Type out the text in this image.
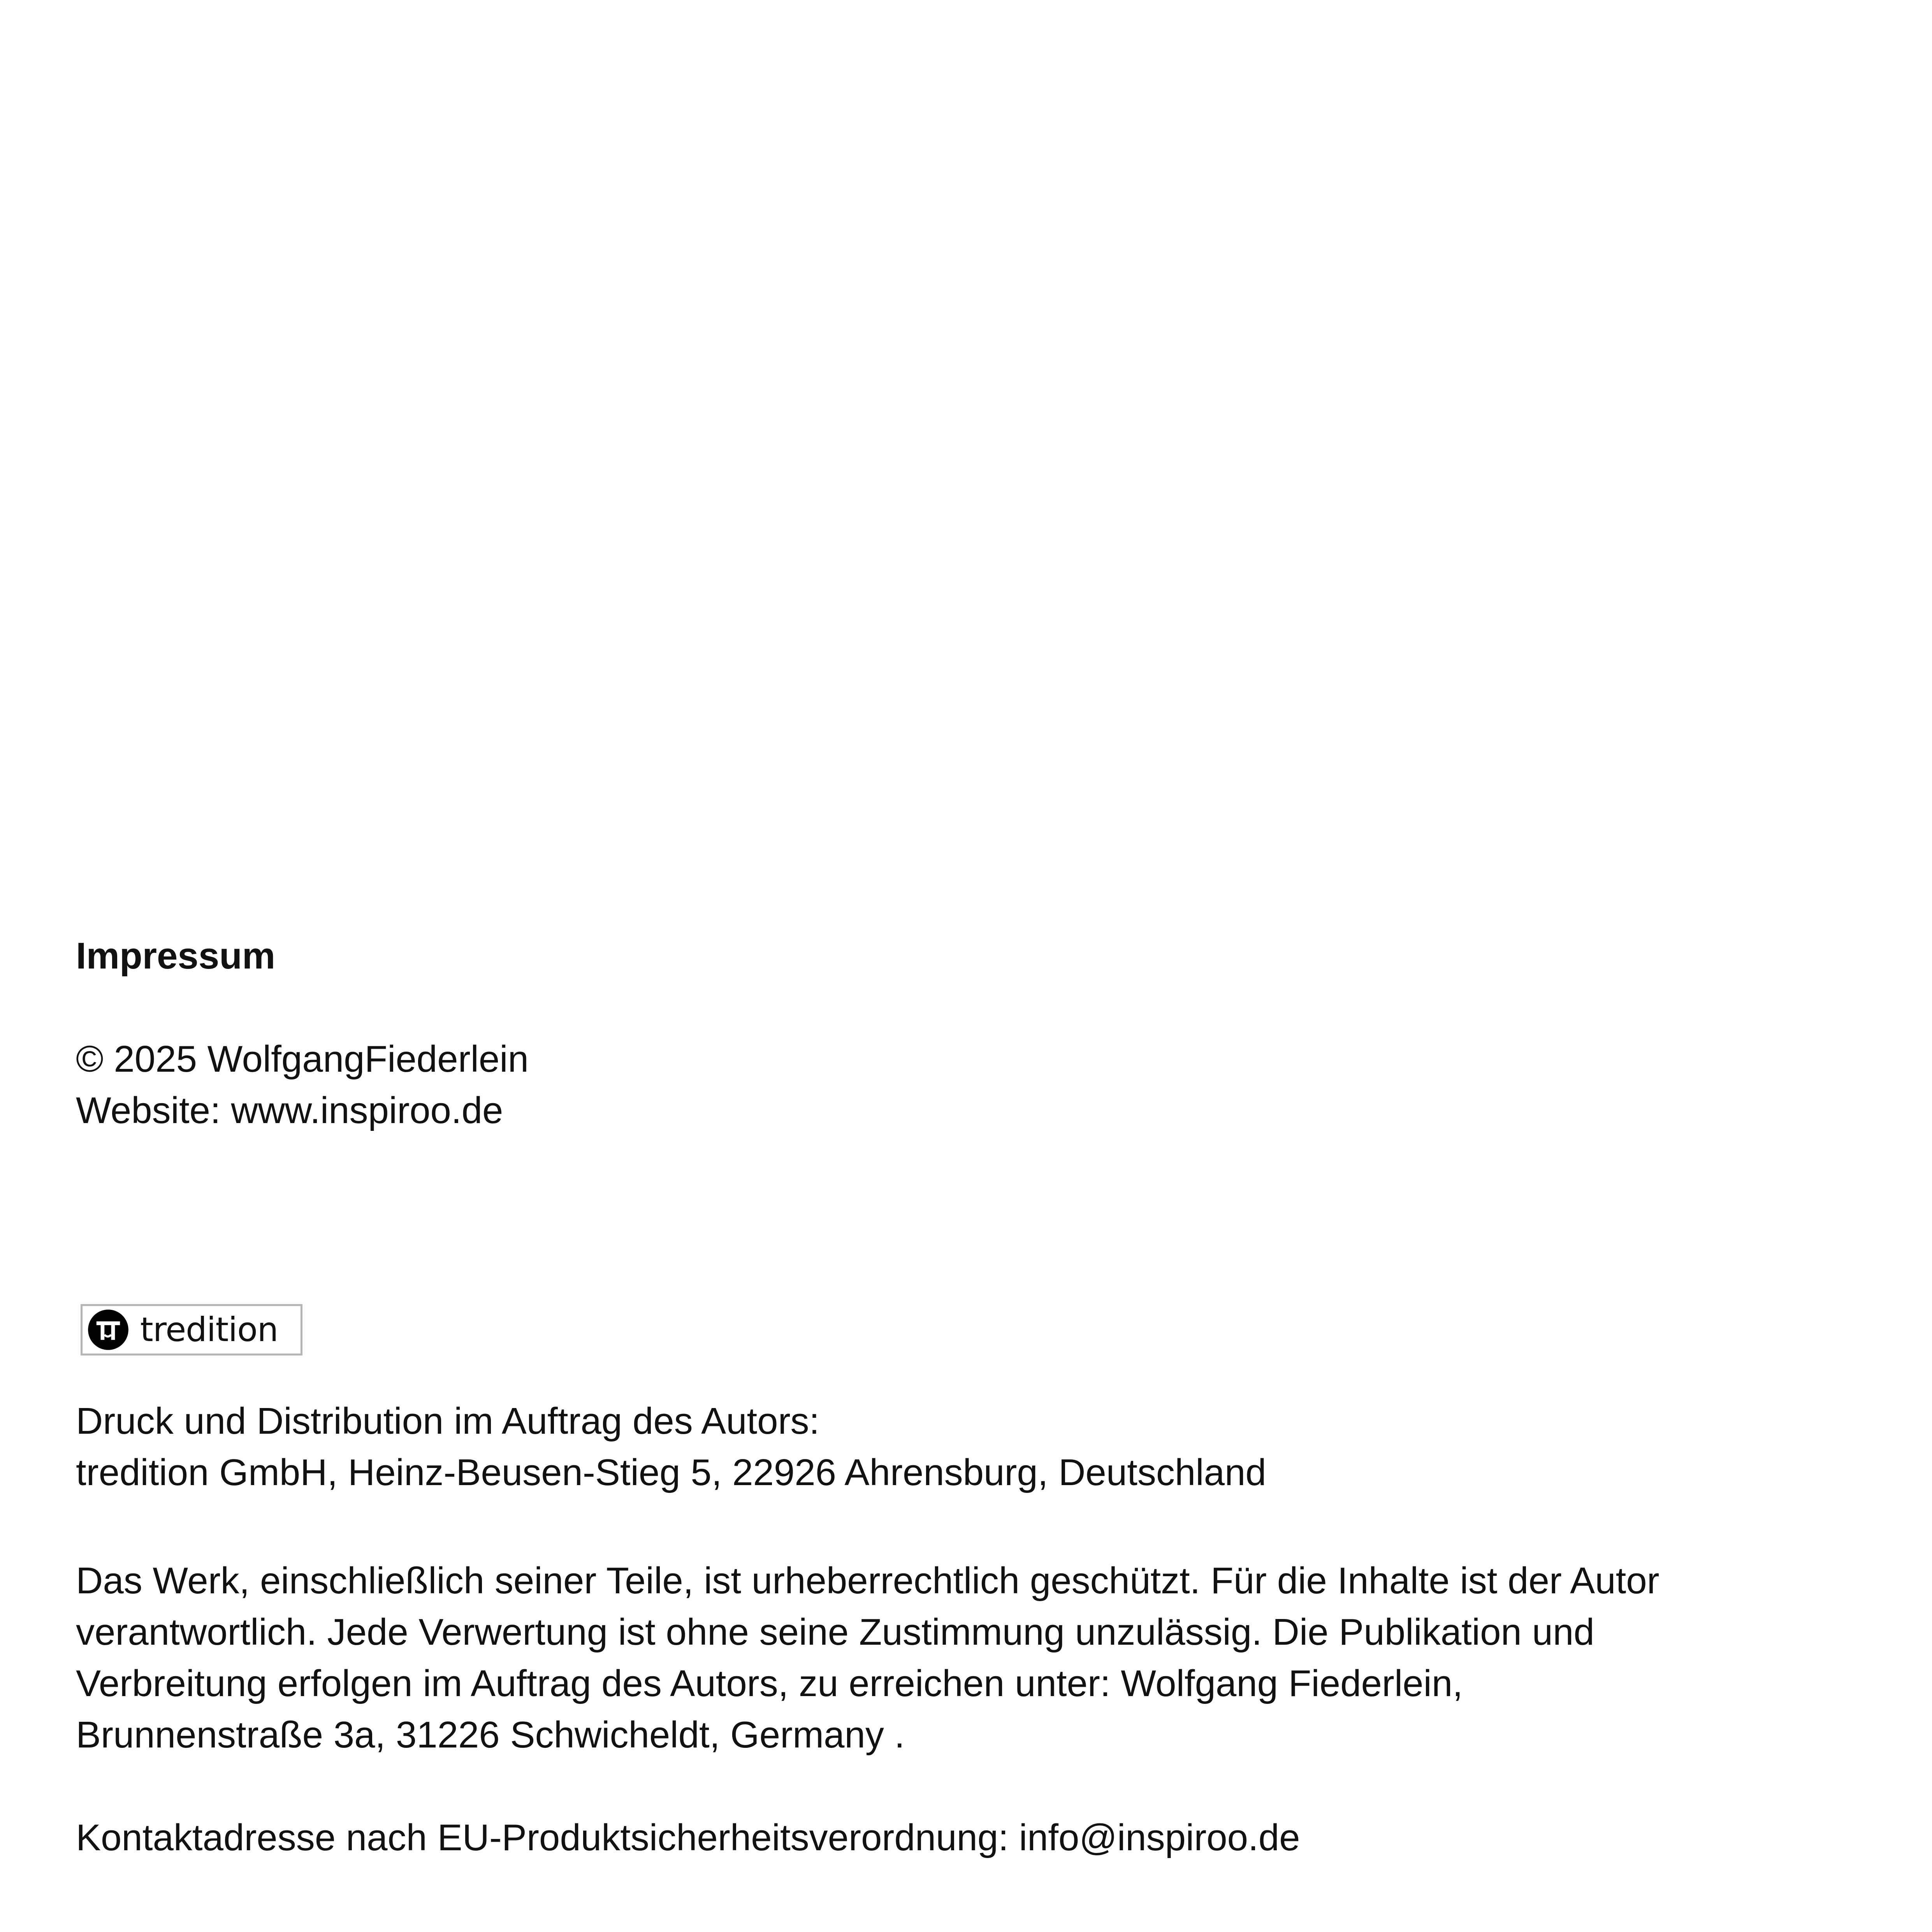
Impressum

© 2025 WolfgangFiederlein
Website: www.inspiroo.de

tredition

Druck und Distribution im Auftrag des Autors:
tredition GmbH, Heinz-Beusen-Stieg 5, 22926 Ahrensburg, Deutschland

Das Werk, einschließlich seiner Teile, ist urheberrechtlich geschützt. Für die Inhalte ist der Autor
verantwortlich. Jede Verwertung ist ohne seine Zustimmung unzulässig. Die Publikation und
Verbreitung erfolgen im Auftrag des Autors, zu erreichen unter: Wolfgang Fiederlein,
Brunnenstraße 3a, 31226 Schwicheldt, Germany .

Kontaktadresse nach EU-Produktsicherheitsverordnung: info@inspiroo.de
